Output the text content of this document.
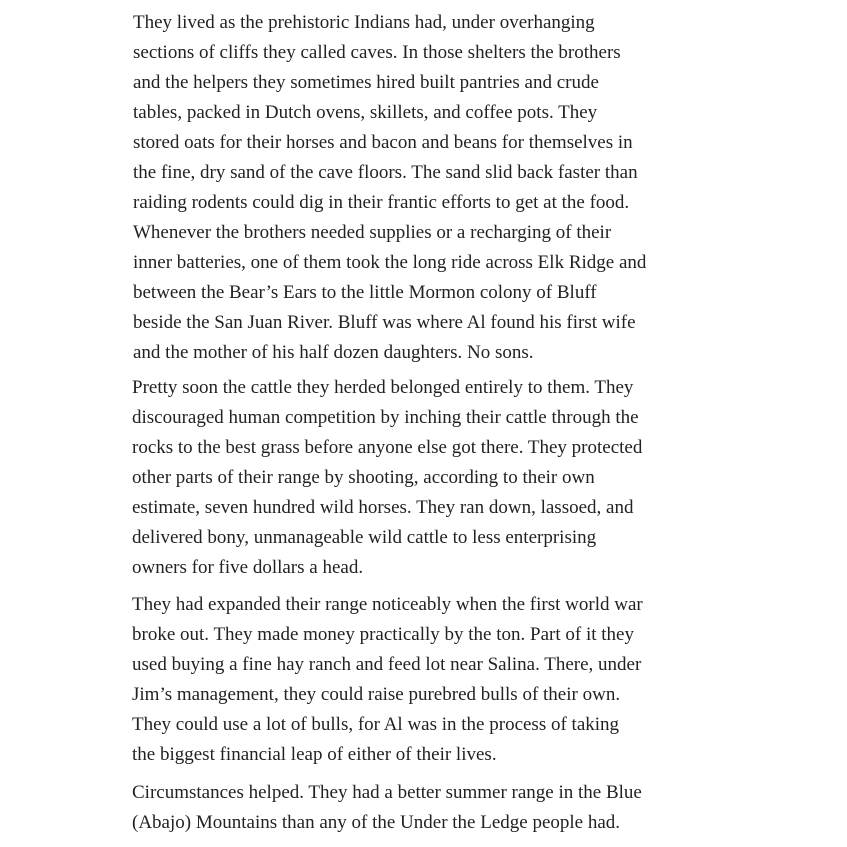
They lived as the prehistoric Indians had, under overhanging
sections of cliffs they called caves. In those shelters the brothers
and the helpers they sometimes hired built pantries and crude
tables, packed in Dutch ovens, skillets, and coffee pots. They
stored oats for their horses and bacon and beans for themselves in
the fine, dry sand of the cave floors. The sand slid back faster than
raiding rodents could dig in their frantic efforts to get at the food.
Whenever the brothers needed supplies or a recharging of their
inner batteries, one of them took the long ride across Elk Ridge and
between the Bear’s Ears to the little Mormon colony of Bluff
beside the San Juan River. Bluff was where Al found his first wife
and the mother of his half dozen daughters. No sons.

Pretty soon the cattle they herded belonged entirely to them. They
discouraged human competition by inching their cattle through the
rocks to the best grass before anyone else got there. They protected
other parts of their range by shooting, according to their own
estimate, seven hundred wild horses. They ran down, lassoed, and
delivered bony, unmanageable wild cattle to less enterprising
owners for five dollars a head.

They had expanded their range noticeably when the first world war
broke out. They made money practically by the ton. Part of it they
used buying a fine hay ranch and feed lot near Salina. There, under
Jim’s management, they could raise purebred bulls of their own.
They could use a lot of bulls, for Al was in the process of taking
the biggest financial leap of either of their lives.

Circumstances helped. They had a better summer range in the Blue
(Abajo) Mountains than any of the Under the Ledge people had.
